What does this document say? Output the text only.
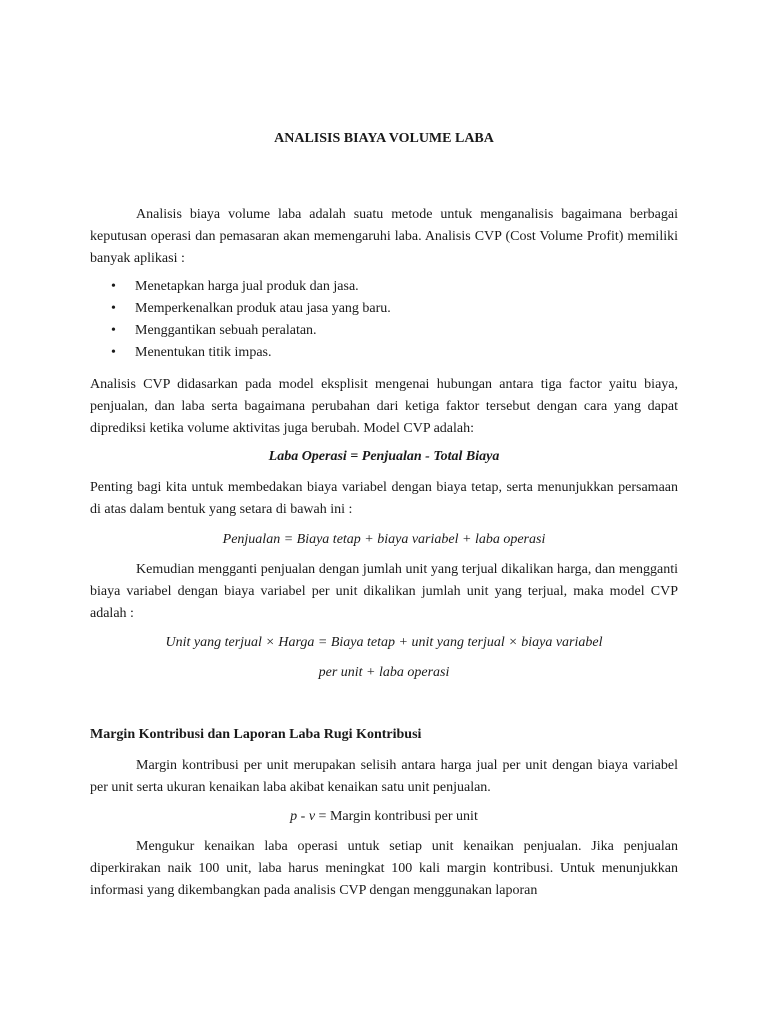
ANALISIS BIAYA VOLUME LABA

Analisis biaya volume laba adalah suatu metode untuk menganalisis bagaimana berbagai keputusan operasi dan pemasaran akan memengaruhi laba. Analisis CVP (Cost Volume Profit) memiliki banyak aplikasi :

• Menetapkan harga jual produk dan jasa.
• Memperkenalkan produk atau jasa yang baru.
• Menggantikan sebuah peralatan.
• Menentukan titik impas.

Analisis CVP didasarkan pada model eksplisit mengenai hubungan antara tiga factor yaitu biaya, penjualan, dan laba serta bagaimana perubahan dari ketiga faktor tersebut dengan cara yang dapat diprediksi ketika volume aktivitas juga berubah. Model CVP adalah:

Laba Operasi = Penjualan - Total Biaya

Penting bagi kita untuk membedakan biaya variabel dengan biaya tetap, serta menunjukkan persamaan di atas dalam bentuk yang setara di bawah ini :

Penjualan = Biaya tetap + biaya variabel + laba operasi

Kemudian mengganti penjualan dengan jumlah unit yang terjual dikalikan harga, dan mengganti biaya variabel dengan biaya variabel per unit dikalikan jumlah unit yang terjual, maka model CVP adalah :

Unit yang terjual × Harga = Biaya tetap + unit yang terjual × biaya variabel

per unit + laba operasi

Margin Kontribusi dan Laporan Laba Rugi Kontribusi

Margin kontribusi per unit merupakan selisih antara harga jual per unit dengan biaya variabel per unit serta ukuran kenaikan laba akibat kenaikan satu unit penjualan.

p - v = Margin kontribusi per unit

Mengukur kenaikan laba operasi untuk setiap unit kenaikan penjualan. Jika penjualan diperkirakan naik 100 unit, laba harus meningkat 100 kali margin kontribusi. Untuk menunjukkan informasi yang dikembangkan pada analisis CVP dengan menggunakan laporan
